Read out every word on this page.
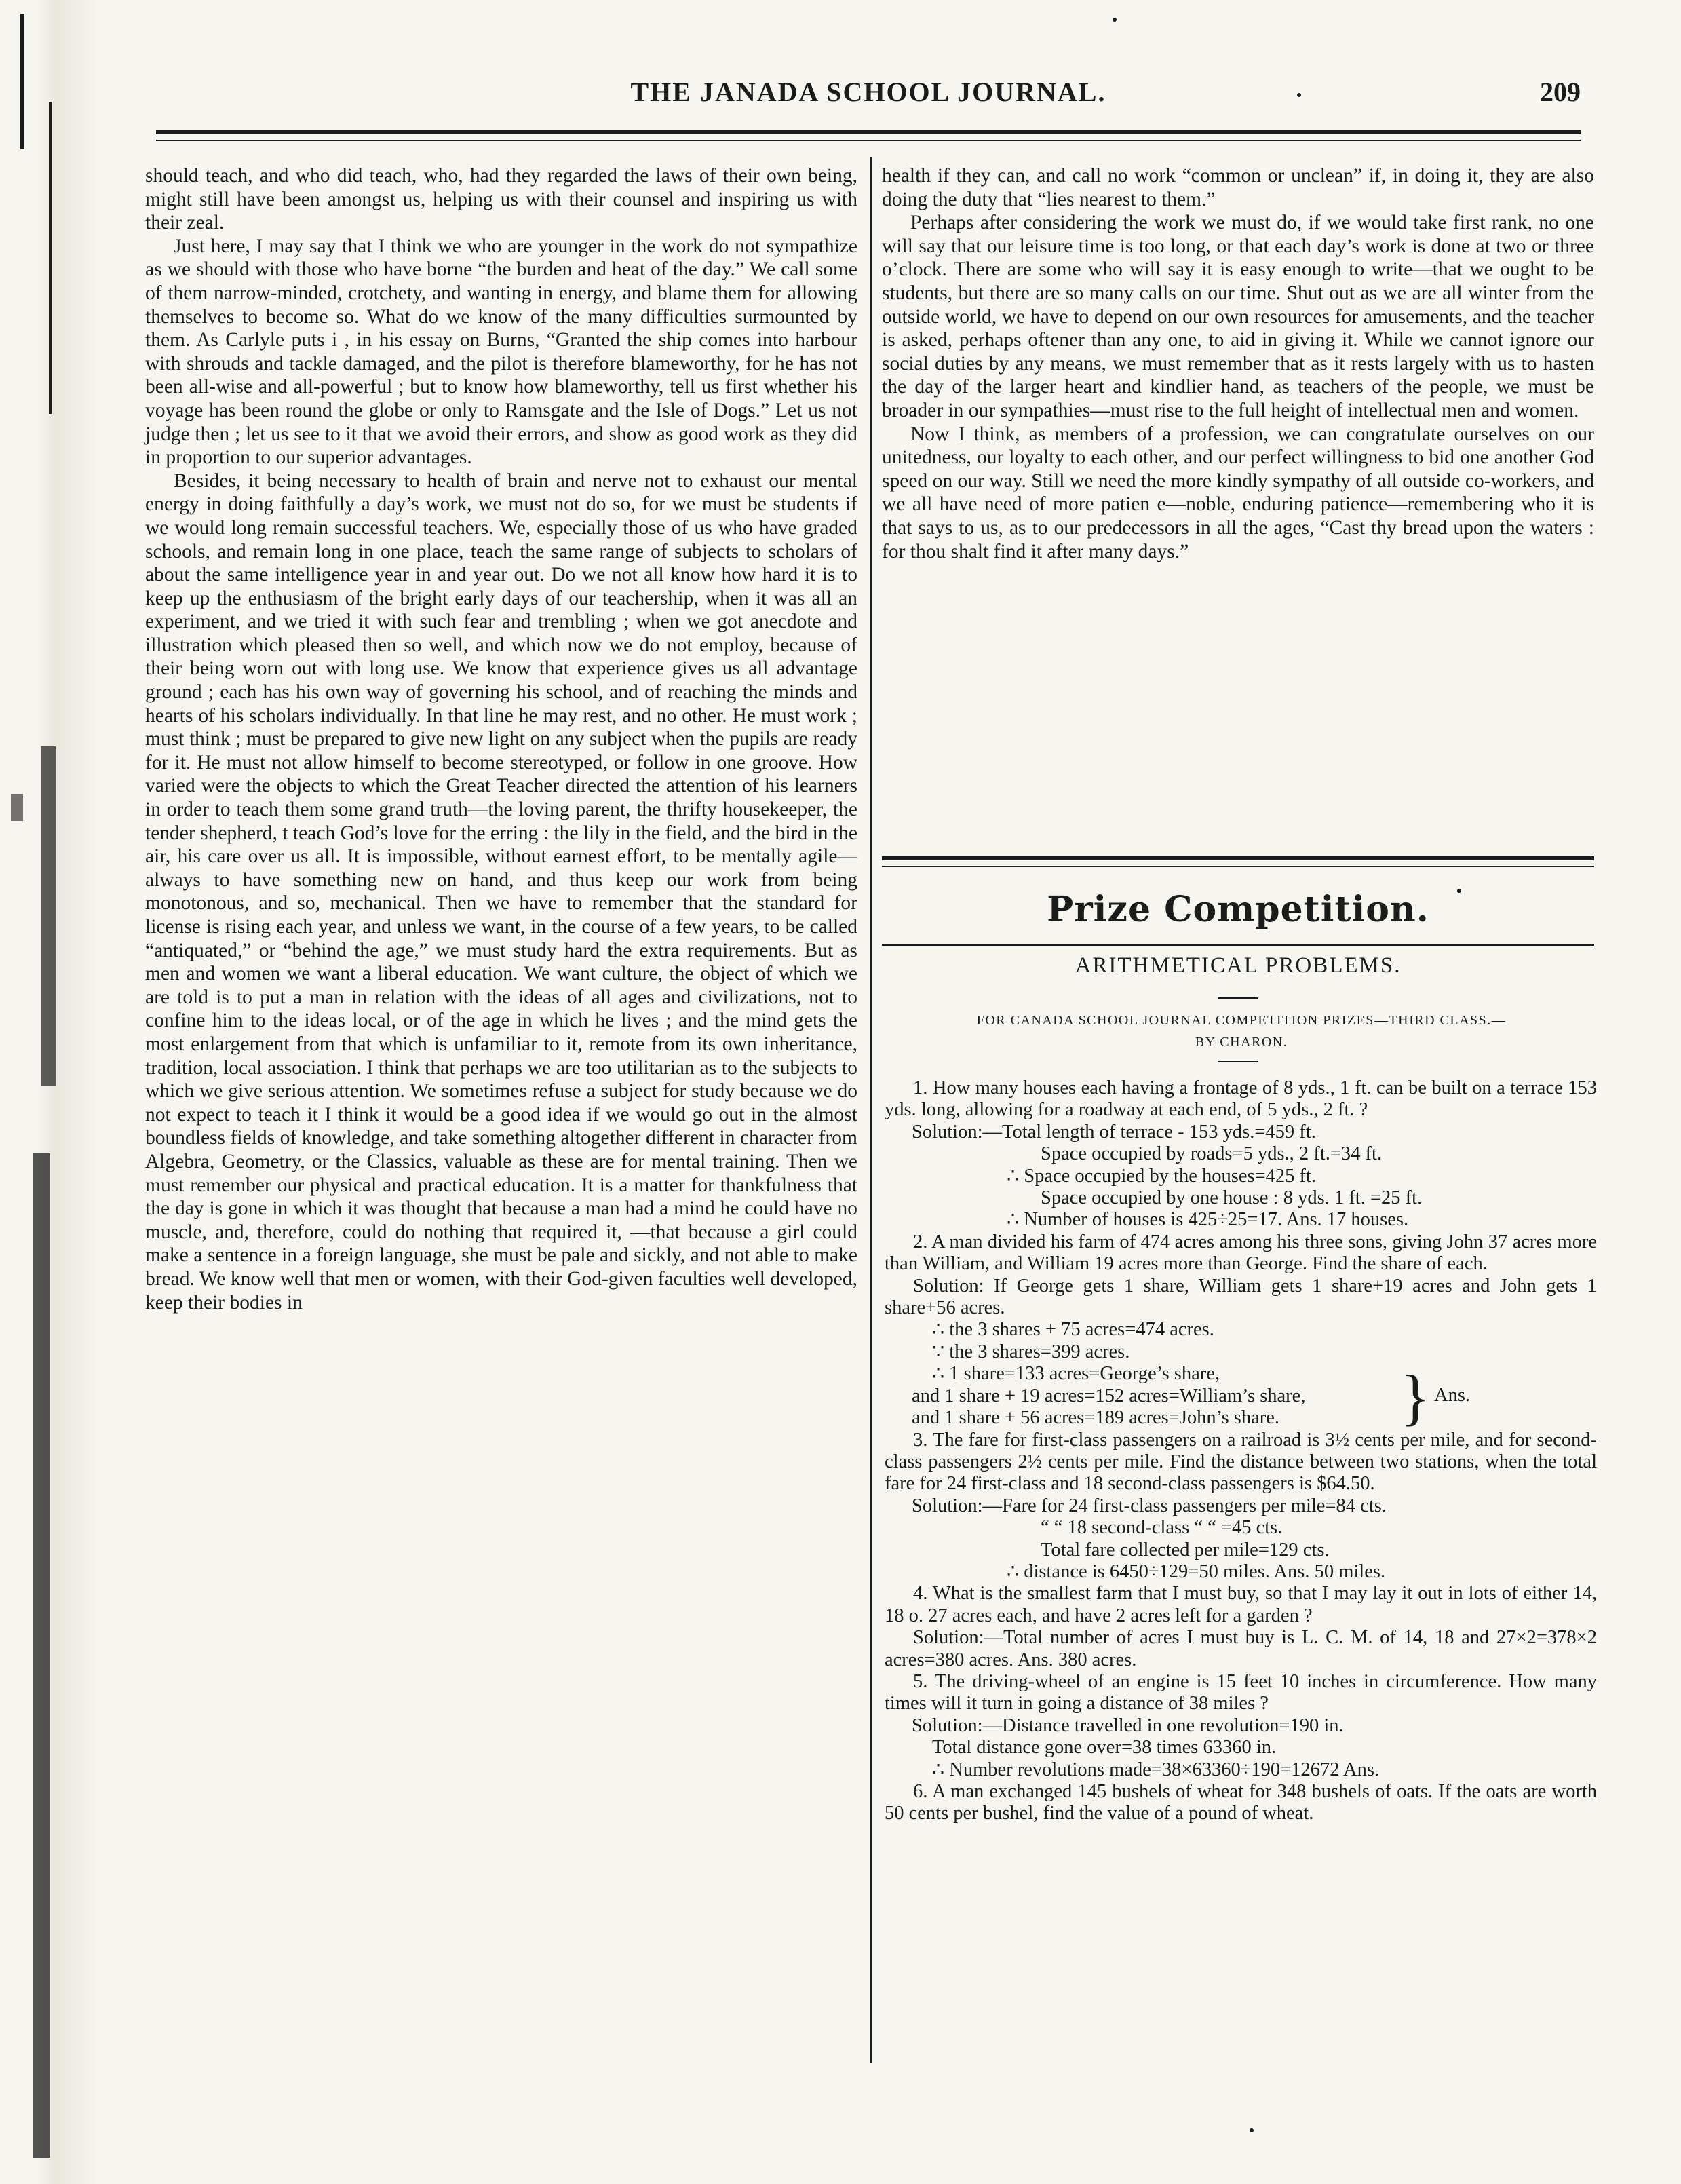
THE JANADA SCHOOL JOURNAL.	209

should teach, and who did teach, who, had they regarded the laws of their own being, might still have been amongst us, helping us with their counsel and inspiring us with their zeal.

Just here, I may say that I think we who are younger in the work do not sympathize as we should with those who have borne “the burden and heat of the day.” We call some of them narrow-minded, crotchety, and wanting in energy, and blame them for allowing themselves to become so. What do we know of the many difficulties surmounted by them. As Carlyle puts i , in his essay on Burns, “Granted the ship comes into harbour with shrouds and tackle damaged, and the pilot is therefore blameworthy, for he has not been all-wise and all-powerful ; but to know how blameworthy, tell us first whether his voyage has been round the globe or only to Ramsgate and the Isle of Dogs.” Let us not judge then ; let us see to it that we avoid their errors, and show as good work as they did in proportion to our superior advantages.

Besides, it being necessary to health of brain and nerve not to exhaust our mental energy in doing faithfully a day’s work, we must not do so, for we must be students if we would long remain successful teachers. We, especially those of us who have graded schools, and remain long in one place, teach the same range of subjects to scholars of about the same intelligence year in and year out. Do we not all know how hard it is to keep up the enthusiasm of the bright early days of our teachership, when it was all an experiment, and we tried it with such fear and trembling ; when we got anecdote and illustration which pleased then so well, and which now we do not employ, because of their being worn out with long use. We know that experience gives us all advantage ground ; each has his own way of governing his school, and of reaching the minds and hearts of his scholars individually. In that line he may rest, and no other. He must work ; must think ; must be prepared to give new light on any subject when the pupils are ready for it. He must not allow himself to become stereotyped, or follow in one groove. How varied were the objects to which the Great Teacher directed the attention of his learners in order to teach them some grand truth—the loving parent, the thrifty housekeeper, the tender shepherd, t teach God’s love for the erring : the lily in the field, and the bird in the air, his care over us all. It is impossible, without earnest effort, to be mentally agile—always to have something new on hand, and thus keep our work from being monotonous, and so, mechanical. Then we have to remember that the standard for license is rising each year, and unless we want, in the course of a few years, to be called “antiquated,” or “behind the age,” we must study hard the extra requirements. But as men and women we want a liberal education. We want culture, the object of which we are told is to put a man in relation with the ideas of all ages and civilizations, not to confine him to the ideas local, or of the age in which he lives ; and the mind gets the most enlargement from that which is unfamiliar to it, remote from its own inheritance, tradition, local association. I think that perhaps we are too utilitarian as to the subjects to which we give serious attention. We sometimes refuse a subject for study because we do not expect to teach it I think it would be a good idea if we would go out in the almost boundless fields of knowledge, and take something altogether different in character from Algebra, Geometry, or the Classics, valuable as these are for mental training. Then we must remember our physical and practical education. It is a matter for thankfulness that the day is gone in which it was thought that because a man had a mind he could have no muscle, and, therefore, could do nothing that required it, —that because a girl could make a sentence in a foreign language, she must be pale and sickly, and not able to make bread. We know well that men or women, with their God-given faculties well developed, keep their bodies in

health if they can, and call no work “common or unclean” if, in doing it, they are also doing the duty that “lies nearest to them.”

Perhaps after considering the work we must do, if we would take first rank, no one will say that our leisure time is too long, or that each day’s work is done at two or three o’clock. There are some who will say it is easy enough to write—that we ought to be students, but there are so many calls on our time. Shut out as we are all winter from the outside world, we have to depend on our own resources for amusements, and the teacher is asked, perhaps oftener than any one, to aid in giving it. While we cannot ignore our social duties by any means, we must remember that as it rests largely with us to hasten the day of the larger heart and kindlier hand, as teachers of the people, we must be broader in our sympathies—must rise to the full height of intellectual men and women.

Now I think, as members of a profession, we can congratulate ourselves on our unitedness, our loyalty to each other, and our perfect willingness to bid one another God speed on our way. Still we need the more kindly sympathy of all outside co-workers, and we all have need of more patien e—noble, enduring patience—remembering who it is that says to us, as to our predecessors in all the ages, “Cast thy bread upon the waters : for thou shalt find it after many days.”

Prize Competition.
ARITHMETICAL PROBLEMS.
FOR CANADA SCHOOL JOURNAL COMPETITION PRIZES—THIRD CLASS.—
BY CHARON.

1. How many houses each having a frontage of 8 yds., 1 ft. can be built on a terrace 153 yds. long, allowing for a roadway at each end, of 5 yds., 2 ft. ?

Solution:—Total length of terrace - 153 yds.=459 ft.

Space occupied by roads=5 yds., 2 ft.=34 ft.

∴ Space occupied by the houses=425 ft.

Space occupied by one house : 8 yds. 1 ft. =25 ft.

∴ Number of houses is 425÷25=17. Ans. 17 houses.

2. A man divided his farm of 474 acres among his three sons, giving John 37 acres more than William, and William 19 acres more than George. Find the share of each.

Solution: If George gets 1 share, William gets 1 share+19 acres and John gets 1 share+56 acres.

∴ the 3 shares + 75 acres=474 acres.

∵ the 3 shares=399 acres.

∴ 1 share=133 acres=George’s share,

and 1 share + 19 acres=152 acres=William’s share,

and 1 share + 56 acres=189 acres=John’s share.	} Ans.

3. The fare for first-class passengers on a railroad is 3½ cents per mile, and for second-class passengers 2½ cents per mile. Find the distance between two stations, when the total fare for 24 first-class and 18 second-class passengers is $64.50.

Solution:—Fare for 24 first-class passengers per mile=84 cts.

“ “ 18 second-class “ “ =45 cts.

Total fare collected per mile=129 cts.

∴ distance is 6450÷129=50 miles. Ans. 50 miles.

4. What is the smallest farm that I must buy, so that I may lay it out in lots of either 14, 18 o. 27 acres each, and have 2 acres left for a garden ?

Solution:—Total number of acres I must buy is L. C. M. of 14, 18 and 27×2=378×2 acres=380 acres. Ans. 380 acres.

5. The driving-wheel of an engine is 15 feet 10 inches in circumference. How many times will it turn in going a distance of 38 miles ?

Solution:—Distance travelled in one revolution=190 in.

Total distance gone over=38 times 63360 in.

∴ Number revolutions made=38×63360÷190=12672 Ans.

6. A man exchanged 145 bushels of wheat for 348 bushels of oats. If the oats are worth 50 cents per bushel, find the value of a pound of wheat.
